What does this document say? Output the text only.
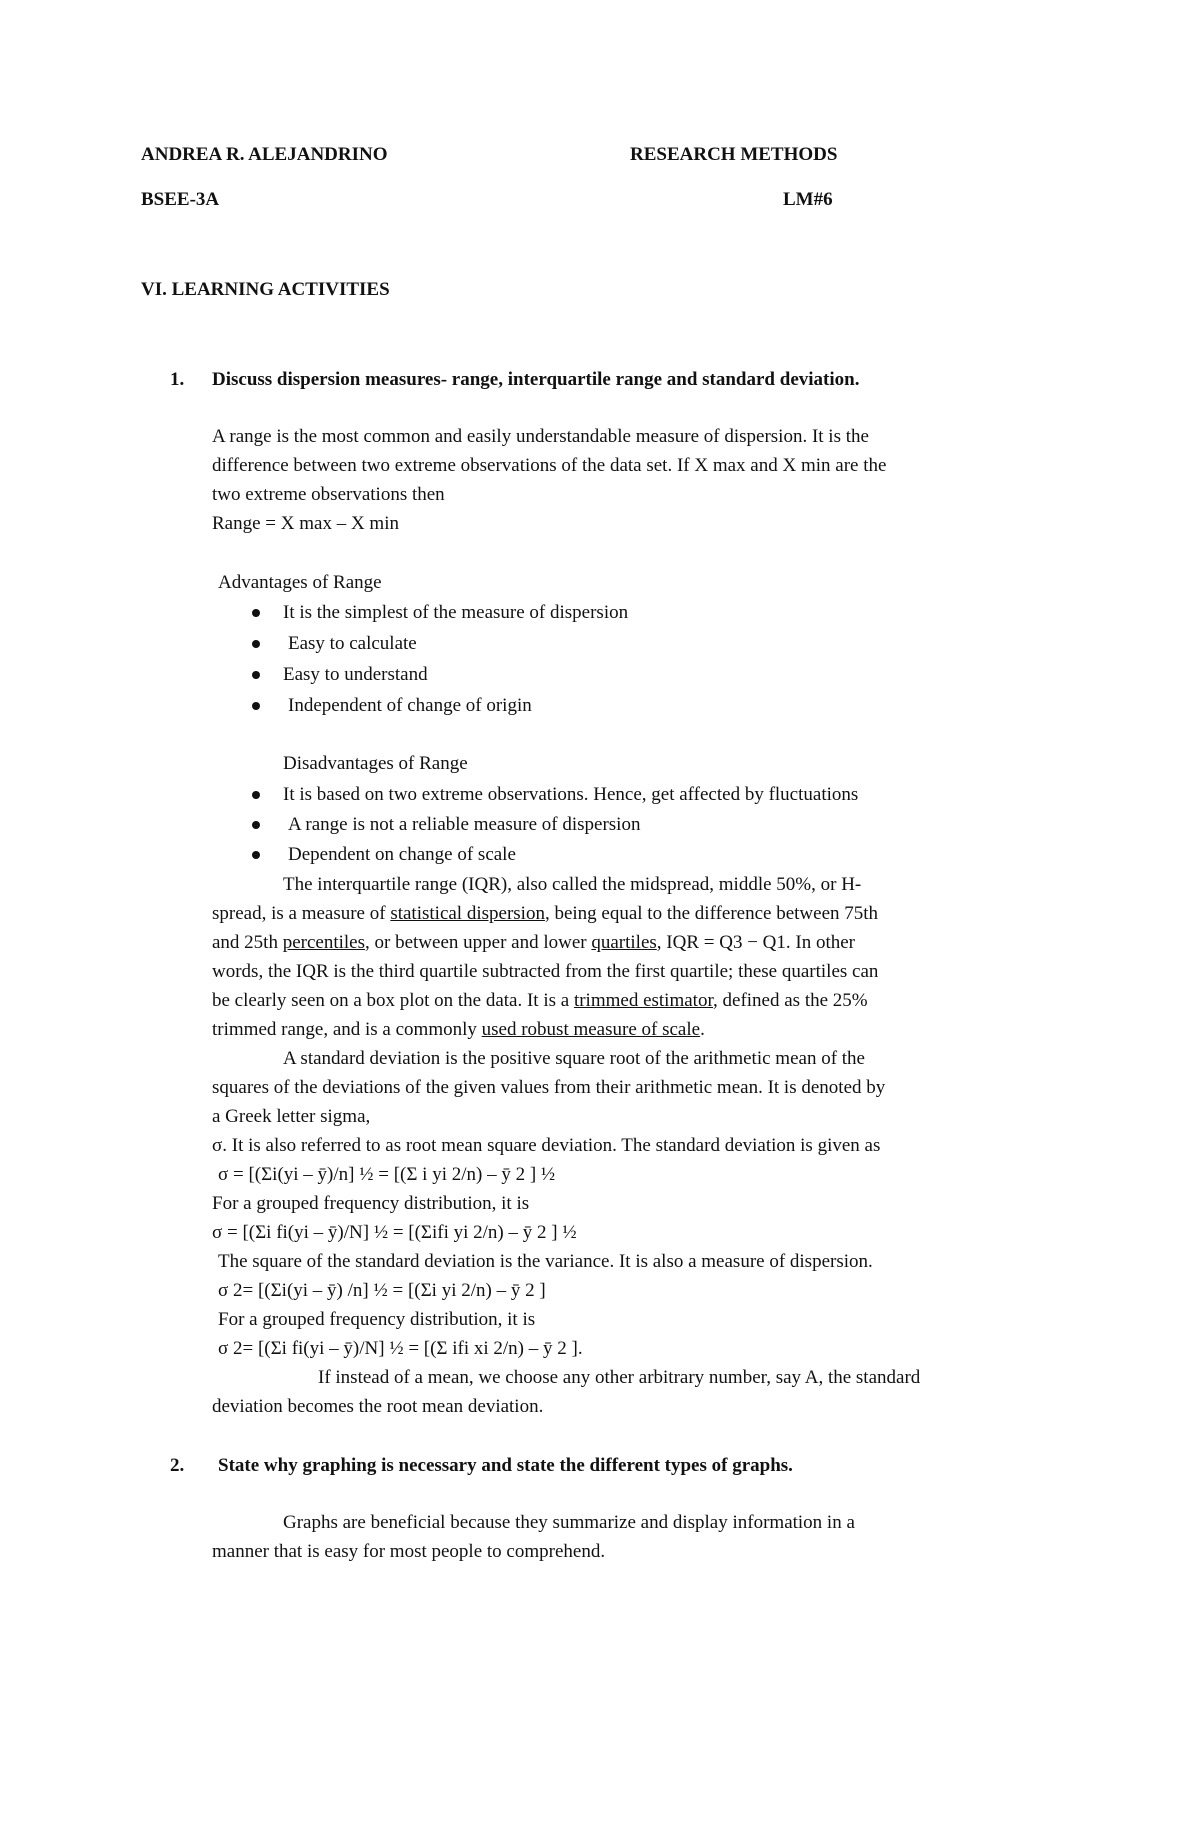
ANDREA R. ALEJANDRINO	RESEARCH METHODS
BSEE-3A	LM#6
VI. LEARNING ACTIVITIES
1. Discuss dispersion measures- range, interquartile range and standard deviation.
A range is the most common and easily understandable measure of dispersion. It is the
difference between two extreme observations of the data set. If X max and X min are the
two extreme observations then
Range = X max – X min
Advantages of Range
It is the simplest of the measure of dispersion
Easy to calculate
Easy to understand
Independent of change of origin
Disadvantages of Range
It is based on two extreme observations. Hence, get affected by fluctuations
A range is not a reliable measure of dispersion
Dependent on change of scale
The interquartile range (IQR), also called the midspread, middle 50%, or H-
spread, is a measure of statistical dispersion, being equal to the difference between 75th
and 25th percentiles, or between upper and lower quartiles, IQR = Q3 − Q1. In other
words, the IQR is the third quartile subtracted from the first quartile; these quartiles can
be clearly seen on a box plot on the data. It is a trimmed estimator, defined as the 25%
trimmed range, and is a commonly used robust measure of scale.
A standard deviation is the positive square root of the arithmetic mean of the
squares of the deviations of the given values from their arithmetic mean. It is denoted by
a Greek letter sigma,
σ. It is also referred to as root mean square deviation. The standard deviation is given as
σ = [(Σi(yi – ȳ)/n] ½ = [(Σ i yi 2/n) – ȳ 2 ] ½
For a grouped frequency distribution, it is
σ = [(Σi fi(yi – ȳ)/N] ½ = [(Σifi yi 2/n) – ȳ 2 ] ½
The square of the standard deviation is the variance. It is also a measure of dispersion.
σ 2= [(Σi(yi – ȳ) /n] ½ = [(Σi yi 2/n) – ȳ 2 ]
For a grouped frequency distribution, it is
σ 2= [(Σi fi(yi – ȳ)/N] ½ = [(Σ ifi xi 2/n) – ȳ 2 ].
If instead of a mean, we choose any other arbitrary number, say A, the standard
deviation becomes the root mean deviation.
2. State why graphing is necessary and state the different types of graphs.
Graphs are beneficial because they summarize and display information in a
manner that is easy for most people to comprehend.
